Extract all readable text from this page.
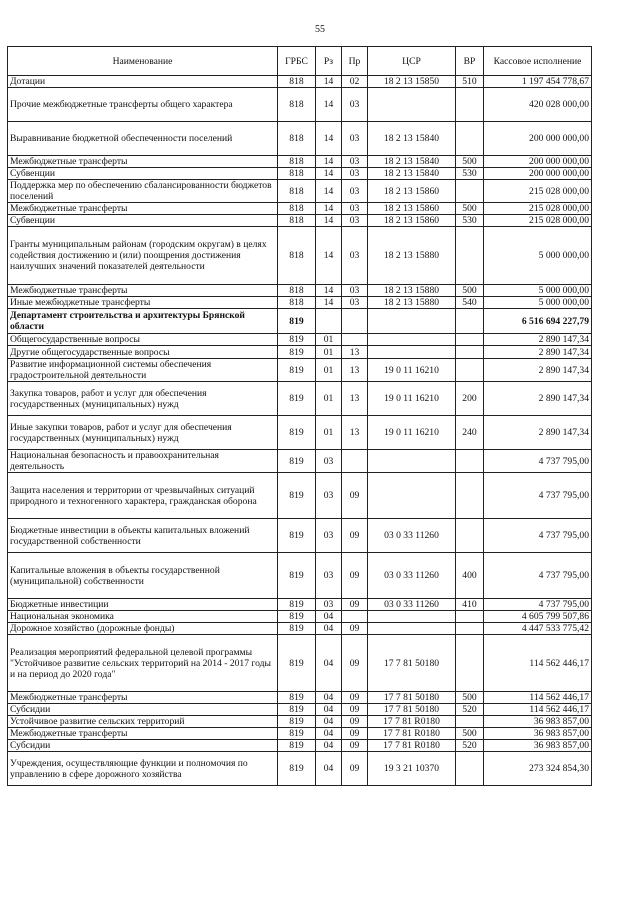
55
Наименование	ГРБС	Рз	Пр	ЦСР	ВР	Кассовое исполнение
Дотации	818	14	02	18 2 13 15850	510	1 197 454 778,67
Прочие межбюджетные трансферты общего характера	818	14	03			420 028 000,00
Выравнивание бюджетной обеспеченности поселений	818	14	03	18 2 13 15840		200 000 000,00
Межбюджетные трансферты	818	14	03	18 2 13 15840	500	200 000 000,00
Субвенции	818	14	03	18 2 13 15840	530	200 000 000,00
Поддержка мер по обеспечению сбалансированности бюджетов поселений	818	14	03	18 2 13 15860		215 028 000,00
Межбюджетные трансферты	818	14	03	18 2 13 15860	500	215 028 000,00
Субвенции	818	14	03	18 2 13 15860	530	215 028 000,00
Гранты муниципальным районам (городским округам) в целях содействия достижению и (или) поощрения достижения наилучших значений показателей деятельности	818	14	03	18 2 13 15880		5 000 000,00
Межбюджетные трансферты	818	14	03	18 2 13 15880	500	5 000 000,00
Иные межбюджетные трансферты	818	14	03	18 2 13 15880	540	5 000 000,00
Департамент строительства и архитектуры Брянской области	819					6 516 694 227,79
Общегосударственные вопросы	819	01				2 890 147,34
Другие общегосударственные вопросы	819	01	13			2 890 147,34
Развитие информационной системы обеспечения градостроительной деятельности	819	01	13	19 0 11 16210		2 890 147,34
Закупка товаров, работ и услуг для обеспечения государственных (муниципальных) нужд	819	01	13	19 0 11 16210	200	2 890 147,34
Иные закупки товаров, работ и услуг для обеспечения государственных (муниципальных) нужд	819	01	13	19 0 11 16210	240	2 890 147,34
Национальная безопасность и правоохранительная деятельность	819	03				4 737 795,00
Защита населения и территории от чрезвычайных ситуаций природного и техногенного характера, гражданская оборона	819	03	09			4 737 795,00
Бюджетные инвестиции в объекты капитальных вложений государственной собственности	819	03	09	03 0 33 11260		4 737 795,00
Капитальные вложения в объекты государственной (муниципальной) собственности	819	03	09	03 0 33 11260	400	4 737 795,00
Бюджетные инвестиции	819	03	09	03 0 33 11260	410	4 737 795,00
Национальная экономика	819	04				4 605 799 507,86
Дорожное хозяйство (дорожные фонды)	819	04	09			4 447 533 775,42
Реализация мероприятий федеральной целевой программы "Устойчивое развитие сельских территорий на 2014 - 2017 годы и на период до 2020 года"	819	04	09	17 7 81 50180		114 562 446,17
Межбюджетные трансферты	819	04	09	17 7 81 50180	500	114 562 446,17
Субсидии	819	04	09	17 7 81 50180	520	114 562 446,17
Устойчивое развитие сельских территорий	819	04	09	17 7 81 R0180		36 983 857,00
Межбюджетные трансферты	819	04	09	17 7 81 R0180	500	36 983 857,00
Субсидии	819	04	09	17 7 81 R0180	520	36 983 857,00
Учреждения, осуществляющие функции и полномочия по управлению в сфере дорожного хозяйства	819	04	09	19 3 21 10370		273 324 854,30
